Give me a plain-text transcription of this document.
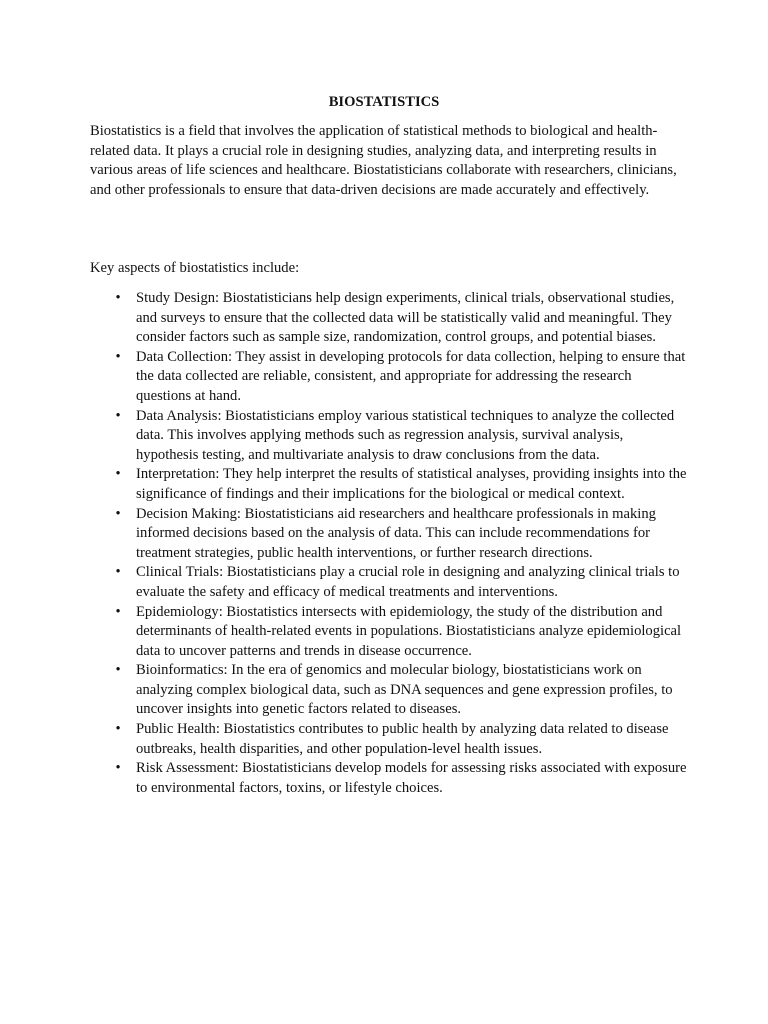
BIOSTATISTICS

Biostatistics is a field that involves the application of statistical methods to biological and health-related data. It plays a crucial role in designing studies, analyzing data, and interpreting results in various areas of life sciences and healthcare. Biostatisticians collaborate with researchers, clinicians, and other professionals to ensure that data-driven decisions are made accurately and effectively.

Key aspects of biostatistics include:

• Study Design: Biostatisticians help design experiments, clinical trials, observational studies, and surveys to ensure that the collected data will be statistically valid and meaningful. They consider factors such as sample size, randomization, control groups, and potential biases.
• Data Collection: They assist in developing protocols for data collection, helping to ensure that the data collected are reliable, consistent, and appropriate for addressing the research questions at hand.
• Data Analysis: Biostatisticians employ various statistical techniques to analyze the collected data. This involves applying methods such as regression analysis, survival analysis, hypothesis testing, and multivariate analysis to draw conclusions from the data.
• Interpretation: They help interpret the results of statistical analyses, providing insights into the significance of findings and their implications for the biological or medical context.
• Decision Making: Biostatisticians aid researchers and healthcare professionals in making informed decisions based on the analysis of data. This can include recommendations for treatment strategies, public health interventions, or further research directions.
• Clinical Trials: Biostatisticians play a crucial role in designing and analyzing clinical trials to evaluate the safety and efficacy of medical treatments and interventions.
• Epidemiology: Biostatistics intersects with epidemiology, the study of the distribution and determinants of health-related events in populations. Biostatisticians analyze epidemiological data to uncover patterns and trends in disease occurrence.
• Bioinformatics: In the era of genomics and molecular biology, biostatisticians work on analyzing complex biological data, such as DNA sequences and gene expression profiles, to uncover insights into genetic factors related to diseases.
• Public Health: Biostatistics contributes to public health by analyzing data related to disease outbreaks, health disparities, and other population-level health issues.
• Risk Assessment: Biostatisticians develop models for assessing risks associated with exposure to environmental factors, toxins, or lifestyle choices.
